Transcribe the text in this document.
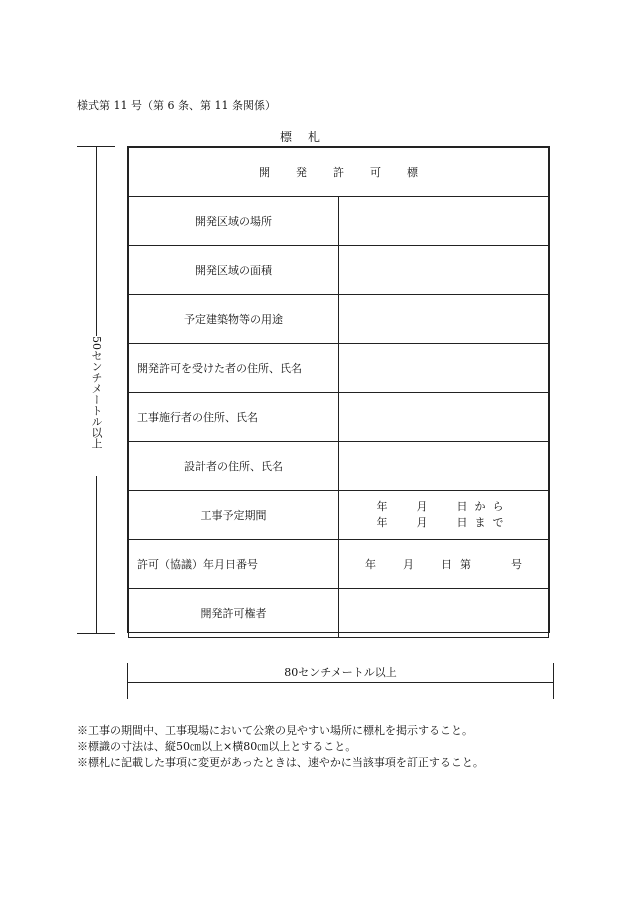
様式第 11 号（第 6 条、第 11 条関係）
標札
50センチメートル以上
開発許可標	
開発区域の場所	
開発区域の面積	
予定建築物等の用途	
開発許可を受けた者の住所、氏名	
工事施行者の住所、氏名	
設計者の住所、氏名	
工事予定期間	年 月 日から
年 月 日まで

許可（協議）年月日番号	年 月 日第 号

開発許可権者	
80センチメートル以上
※工事の期間中、工事現場において公衆の見やすい場所に標札を掲示すること。
※標識の寸法は、縦50㎝以上×横80㎝以上とすること。
※標札に記載した事項に変更があったときは、速やかに当該事項を訂正すること。
